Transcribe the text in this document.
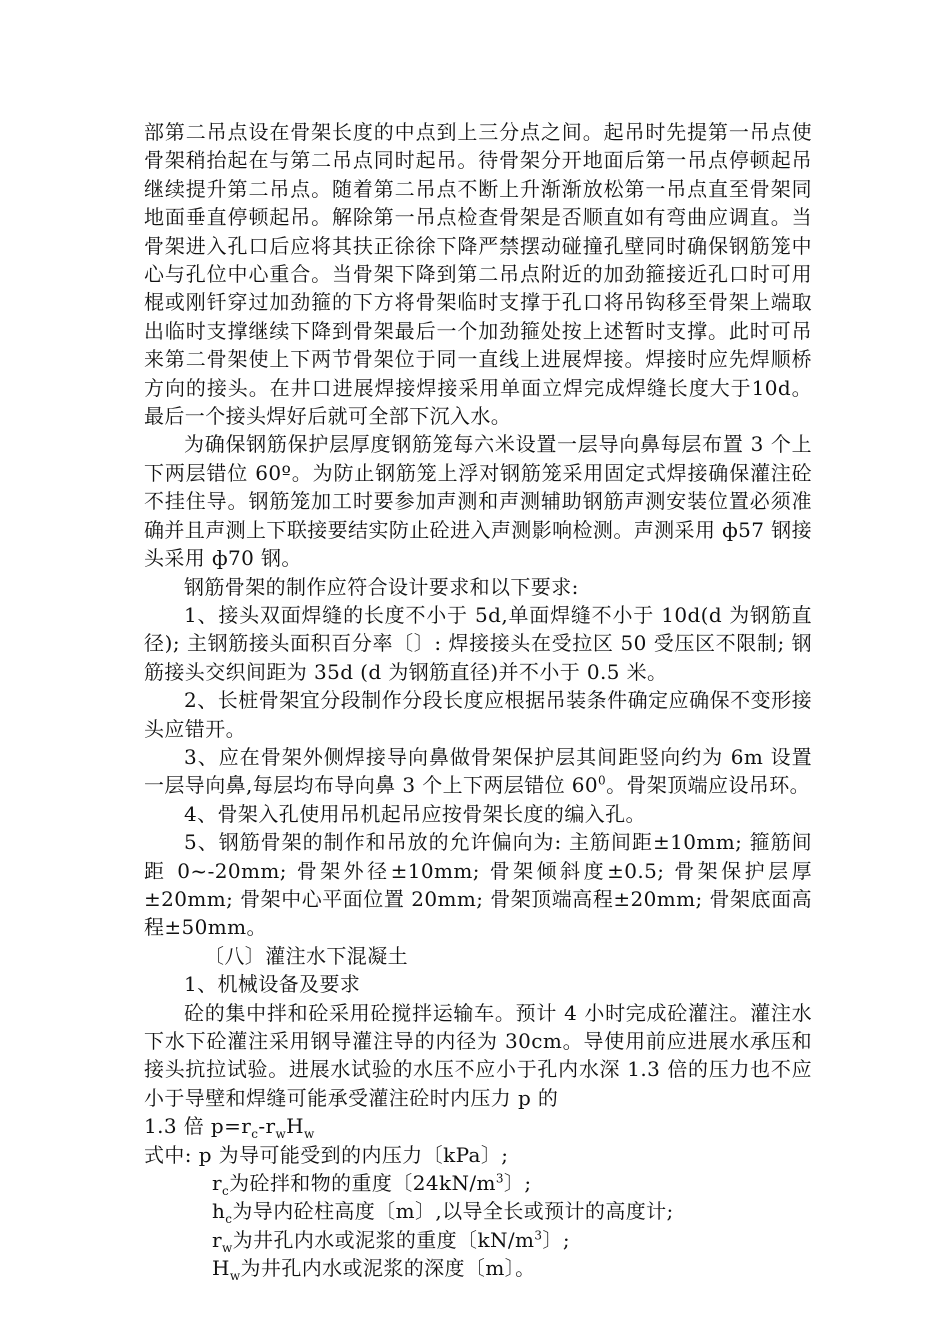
部第二吊点设在骨架长度的中点到上三分点之间。起吊时先提第一吊点使骨架稍抬起在与第二吊点同时起吊。待骨架分开地面后第一吊点停顿起吊继续提升第二吊点。随着第二吊点不断上升渐渐放松第一吊点直至骨架同地面垂直停顿起吊。解除第一吊点检查骨架是否顺直如有弯曲应调直。当骨架进入孔口后应将其扶正徐徐下降严禁摆动碰撞孔壁同时确保钢筋笼中心与孔位中心重合。当骨架下降到第二吊点附近的加劲箍接近孔口时可用棍或刚钎穿过加劲箍的下方将骨架临时支撑于孔口将吊钩移至骨架上端取出临时支撑继续下降到骨架最后一个加劲箍处按上述暂时支撑。此时可吊来第二骨架使上下两节骨架位于同一直线上进展焊接。焊接时应先焊顺桥方向的接头。在井口进展焊接焊接采用单面立焊完成焊缝长度大于10d。最后一个接头焊好后就可全部下沉入水。

为确保钢筋保护层厚度钢筋笼每六米设置一层导向鼻每层布置 3 个上下两层错位 60º。为防止钢筋笼上浮对钢筋笼采用固定式焊接确保灌注砼不挂住导。钢筋笼加工时要参加声测和声测辅助钢筋声测安装位置必须准确并且声测上下联接要结实防止砼进入声测影响检测。声测采用 ф57 钢接头采用 ф70 钢。

钢筋骨架的制作应符合设计要求和以下要求:

1、接头双面焊缝的长度不小于 5d,单面焊缝不小于 10d(d 为钢筋直径); 主钢筋接头面积百分率〔〕: 焊接接头在受拉区 50 受压区不限制; 钢筋接头交织间距为 35d (d 为钢筋直径)并不小于 0.5 米。

2、长桩骨架宜分段制作分段长度应根据吊装条件确定应确保不变形接头应错开。

3、应在骨架外侧焊接导向鼻做骨架保护层其间距竖向约为 6m 设置一层导向鼻,每层均布导向鼻 3 个上下两层错位 $60^0$。骨架顶端应设吊环。

4、骨架入孔使用吊机起吊应按骨架长度的编入孔。

5、钢筋骨架的制作和吊放的允许偏向为: 主筋间距±10mm; 箍筋间距 0~-20mm; 骨架外径±10mm; 骨架倾斜度±0.5; 骨架保护层厚±20mm; 骨架中心平面位置 20mm; 骨架顶端高程±20mm; 骨架底面高程±50mm。

〔八〕灌注水下混凝土

1、机械设备及要求

砼的集中拌和砼采用砼搅拌运输车。预计 4 小时完成砼灌注。灌注水下水下砼灌注采用钢导灌注导的内径为 30cm。导使用前应进展水承压和接头抗拉试验。进展水试验的水压不应小于孔内水深 1.3 倍的压力也不应小于导壁和焊缝可能承受灌注砼时内压力 p 的

1.3 倍 $p=r_c-r_wH_w$

式中: p 为导可能受到的内压力〔kPa〕;

$r_c$为砼拌和物的重度〔$24kN/m^3$〕;

$h_c$为导内砼柱高度〔m〕,以导全长或预计的高度计;

$r_w$为井孔内水或泥浆的重度〔$kN/m^3$〕;

$H_w$为井孔内水或泥浆的深度〔m〕。
